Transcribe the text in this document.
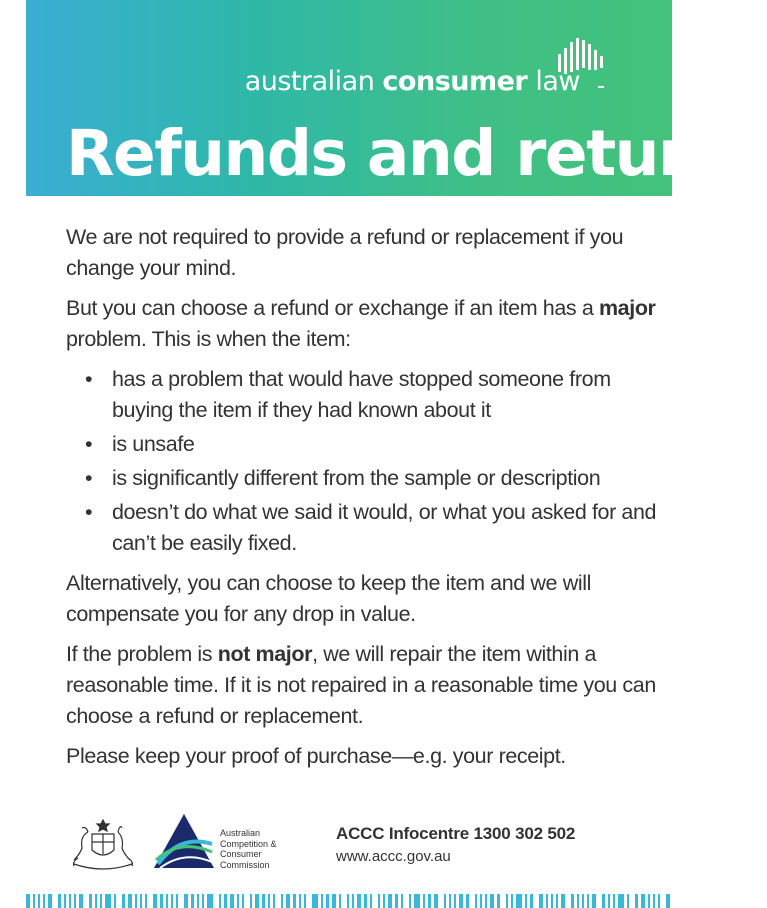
australian consumer law
Refunds and returns

We are not required to provide a refund or replacement if you change your mind.

But you can choose a refund or exchange if an item has a major problem. This is when the item:

• has a problem that would have stopped someone from buying the item if they had known about it
• is unsafe
• is significantly different from the sample or description
• doesn’t do what we said it would, or what you asked for and can’t be easily fixed.

Alternatively, you can choose to keep the item and we will compensate you for any drop in value.

If the problem is not major, we will repair the item within a reasonable time. If it is not repaired in a reasonable time you can choose a refund or replacement.

Please keep your proof of purchase—e.g. your receipt.

Australian
Competition &
Consumer
Commission
ACCC Infocentre 1300 302 502
www.accc.gov.au
